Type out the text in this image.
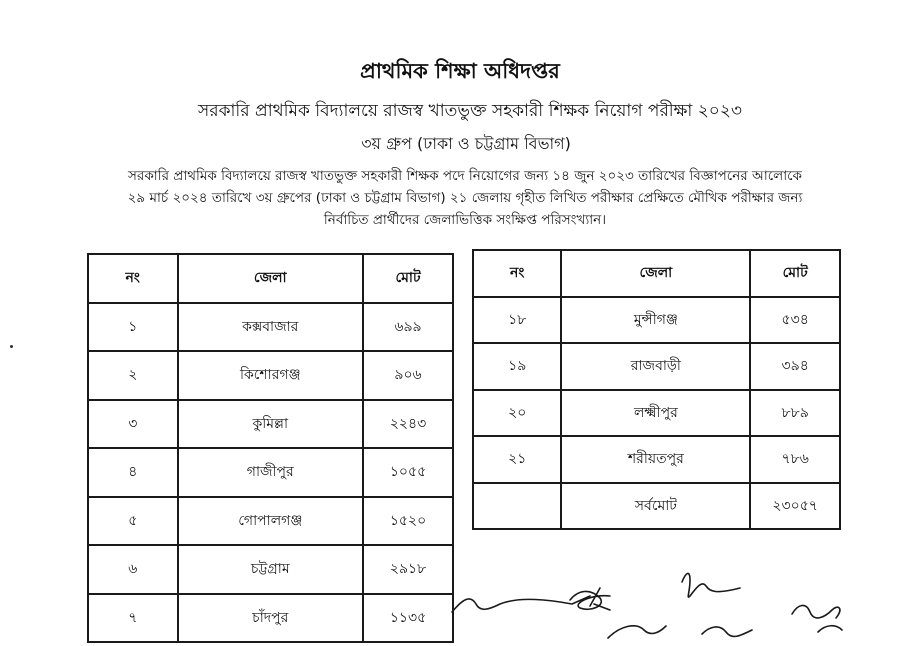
প্রাথমিক শিক্ষা অধিদপ্তর
সরকারি প্রাথমিক বিদ্যালয়ে রাজস্ব খাতভুক্ত সহকারী শিক্ষক নিয়োগ পরীক্ষা ২০২৩
৩য় গ্রুপ (ঢাকা ও চট্টগ্রাম বিভাগ)
সরকারি প্রাথমিক বিদ্যালয়ে রাজস্ব খাতভুক্ত সহকারী শিক্ষক পদে নিয়োগের জন্য ১৪ জুন ২০২৩ তারিখের বিজ্ঞাপনের আলোকে
২৯ মার্চ ২০২৪ তারিখে ৩য় গ্রুপের (ঢাকা ও চট্টগ্রাম বিভাগ) ২১ জেলায় গৃহীত লিখিত পরীক্ষার প্রেক্ষিতে মৌখিক পরীক্ষার জন্য
নির্বাচিত প্রার্থীদের জেলাভিত্তিক সংক্ষিপ্ত পরিসংখ্যান।
নং	জেলা	মোট
১	কক্সবাজার	৬৯৯
২	কিশোরগঞ্জ	৯০৬
৩	কুমিল্লা	২২৪৩
৪	গাজীপুর	১০৫৫
৫	গোপালগঞ্জ	১৫২০
৬	চট্টগ্রাম	২৯১৮
৭	চাঁদপুর	১১৩৫
নং	জেলা	মোট
১৮	মুন্সীগঞ্জ	৫৩৪
১৯	রাজবাড়ী	৩৯৪
২০	লক্ষ্মীপুর	৮৮৯
২১	শরীয়তপুর	৭৮৬
	সর্বমোট	২৩০৫৭
